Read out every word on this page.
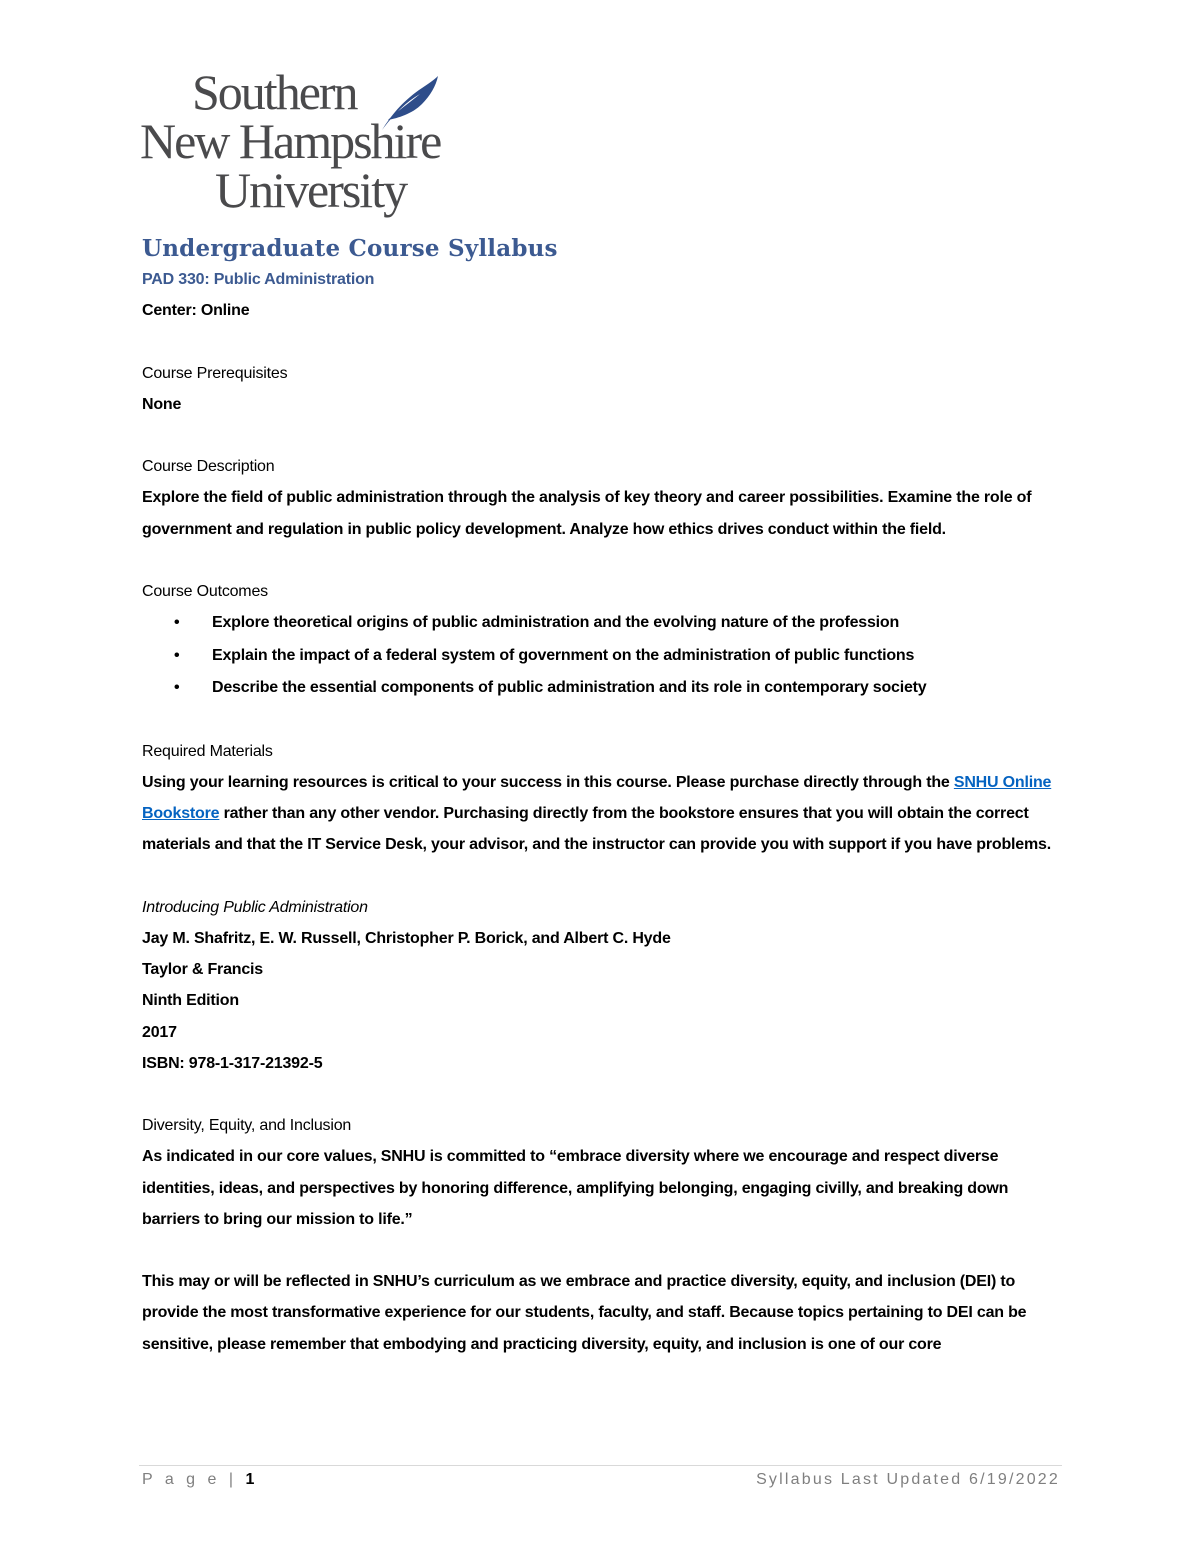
Southern
New Hampshire
University
Undergraduate Course Syllabus

PAD 330: Public Administration

Center: Online

Course Prerequisites

None

Course Description

Explore the field of public administration through the analysis of key theory and career possibilities. Examine the role of government and regulation in public policy development. Analyze how ethics drives conduct within the field.

Course Outcomes

• Explore theoretical origins of public administration and the evolving nature of the profession
• Explain the impact of a federal system of government on the administration of public functions
• Describe the essential components of public administration and its role in contemporary society

Required Materials

Using your learning resources is critical to your success in this course. Please purchase directly through the SNHU Online Bookstore rather than any other vendor. Purchasing directly from the bookstore ensures that you will obtain the correct materials and that the IT Service Desk, your advisor, and the instructor can provide you with support if you have problems.

Introducing Public Administration

Jay M. Shafritz, E. W. Russell, Christopher P. Borick, and Albert C. Hyde

Taylor & Francis

Ninth Edition

2017

ISBN: 978-1-317-21392-5

Diversity, Equity, and Inclusion

As indicated in our core values, SNHU is committed to “embrace diversity where we encourage and respect diverse identities, ideas, and perspectives by honoring difference, amplifying belonging, engaging civilly, and breaking down barriers to bring our mission to life.”

This may or will be reflected in SNHU’s curriculum as we embrace and practice diversity, equity, and inclusion (DEI) to provide the most transformative experience for our students, faculty, and staff. Because topics pertaining to DEI can be sensitive, please remember that embodying and practicing diversity, equity, and inclusion is one of our core

P a g e | 1	Syllabus Last Updated 6/19/2022
